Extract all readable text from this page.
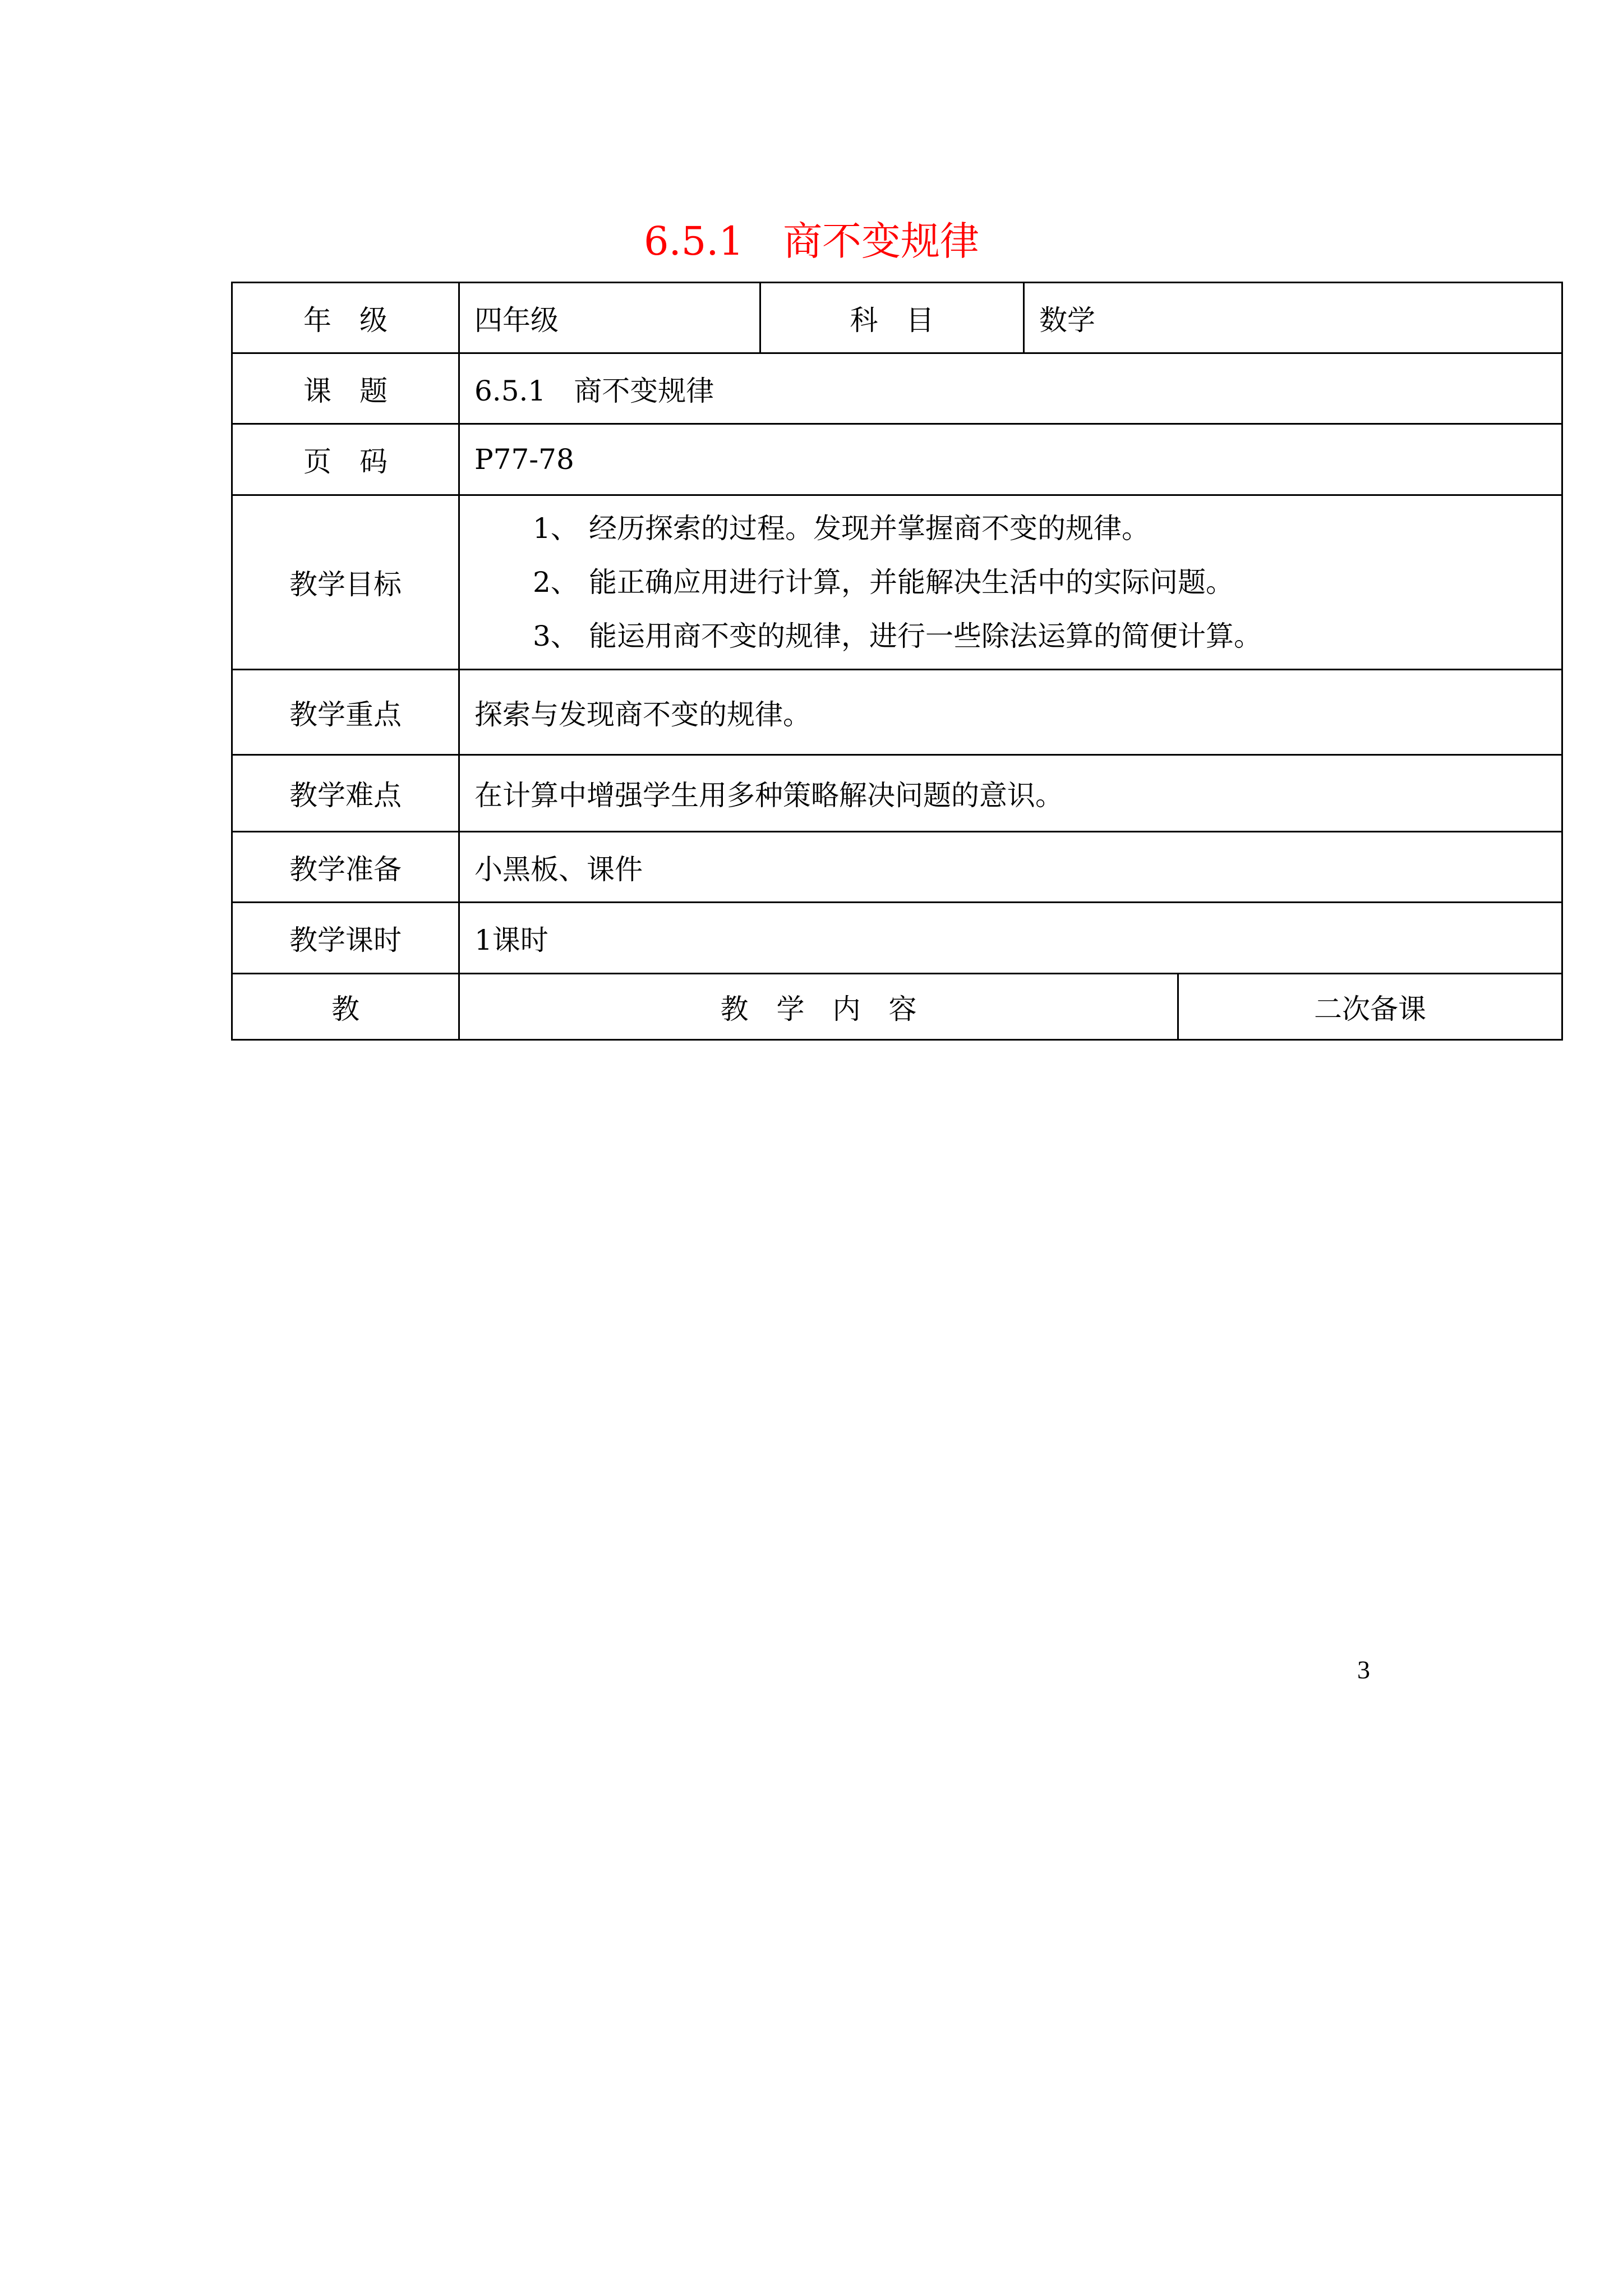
6.5.1 商不变规律
年　级	四年级	科　目	数学	
课　题	6.5.1　商不变规律			
页　码	P77-78			
教学目标	1、 经历探索的过程。发现并掌握商不变的规律。
2、 能正确应用进行计算，并能解决生活中的实际问题。
3、 能运用商不变的规律，进行一些除法运算的简便计算。			

教学重点	探索与发现商不变的规律。			
教学难点	在计算中增强学生用多种策略解决问题的意识。			
教学准备	小黑板、课件			
教学课时	1课时			
教	教　学　内　容			二次备课
3
